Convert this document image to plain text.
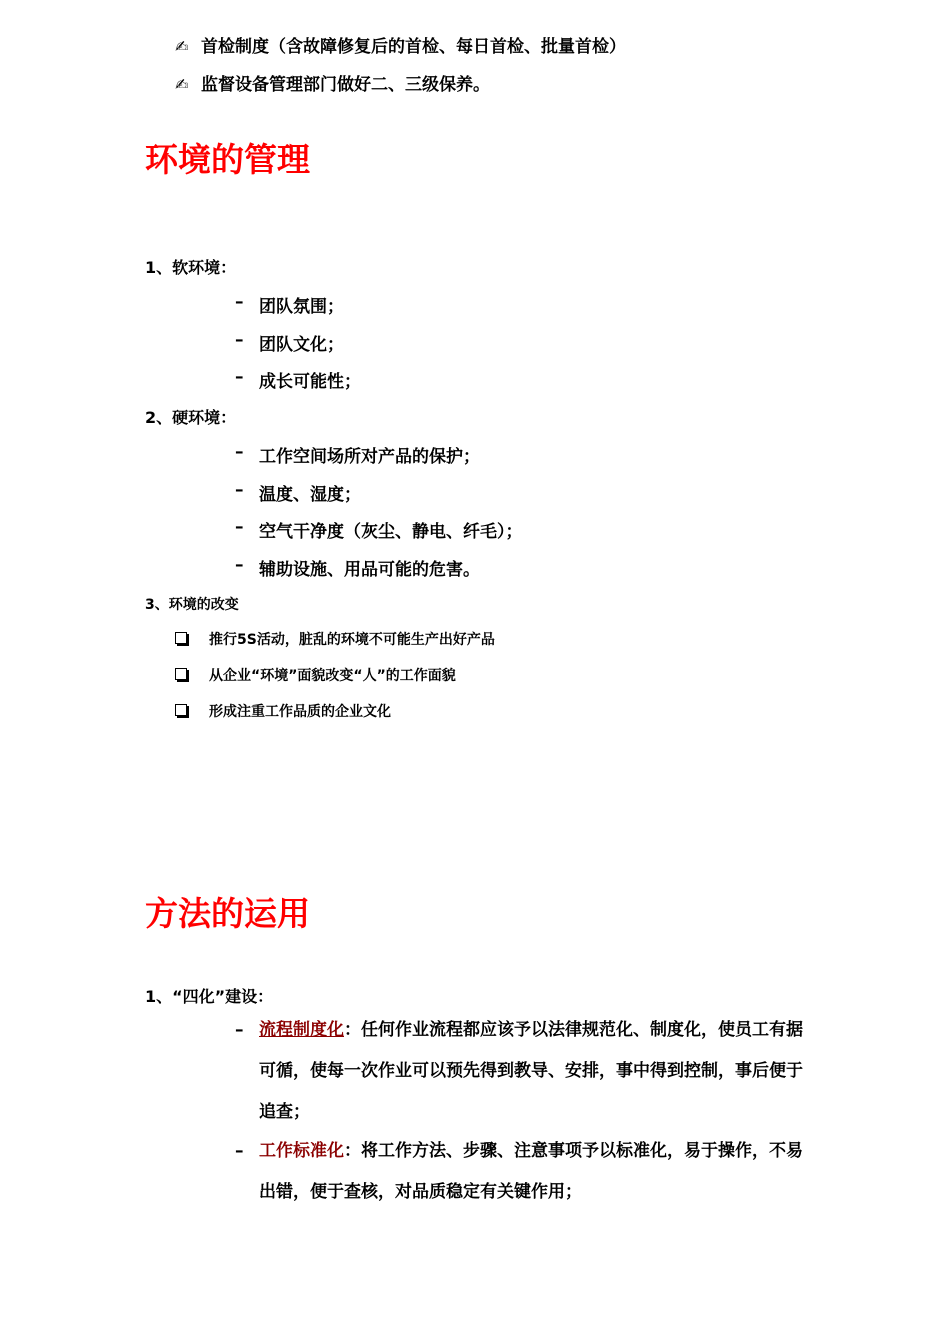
✍ 首检制度（含故障修复后的首检、每日首检、批量首检）
✍ 监督设备管理部门做好二、三级保养。
环境的管理
1、软环境：
– 团队氛围；
– 团队文化；
– 成长可能性；
2、硬环境：
– 工作空间场所对产品的保护；
– 温度、湿度；
– 空气干净度（灰尘、静电、纤毛）；
– 辅助设施、用品可能的危害。
3、环境的改变
推行5S活动，脏乱的环境不可能生产出好产品
从企业“环境”面貌改变“人”的工作面貌
形成注重工作品质的企业文化
方法的运用
1、“四化”建设：
– 流程制度化：任何作业流程都应该予以法律规范化、制度化，使员工有据可循，使每一次作业可以预先得到教导、安排，事中得到控制，事后便于追查；
– 工作标准化：将工作方法、步骤、注意事项予以标准化，易于操作，不易出错，便于查核，对品质稳定有关键作用；
